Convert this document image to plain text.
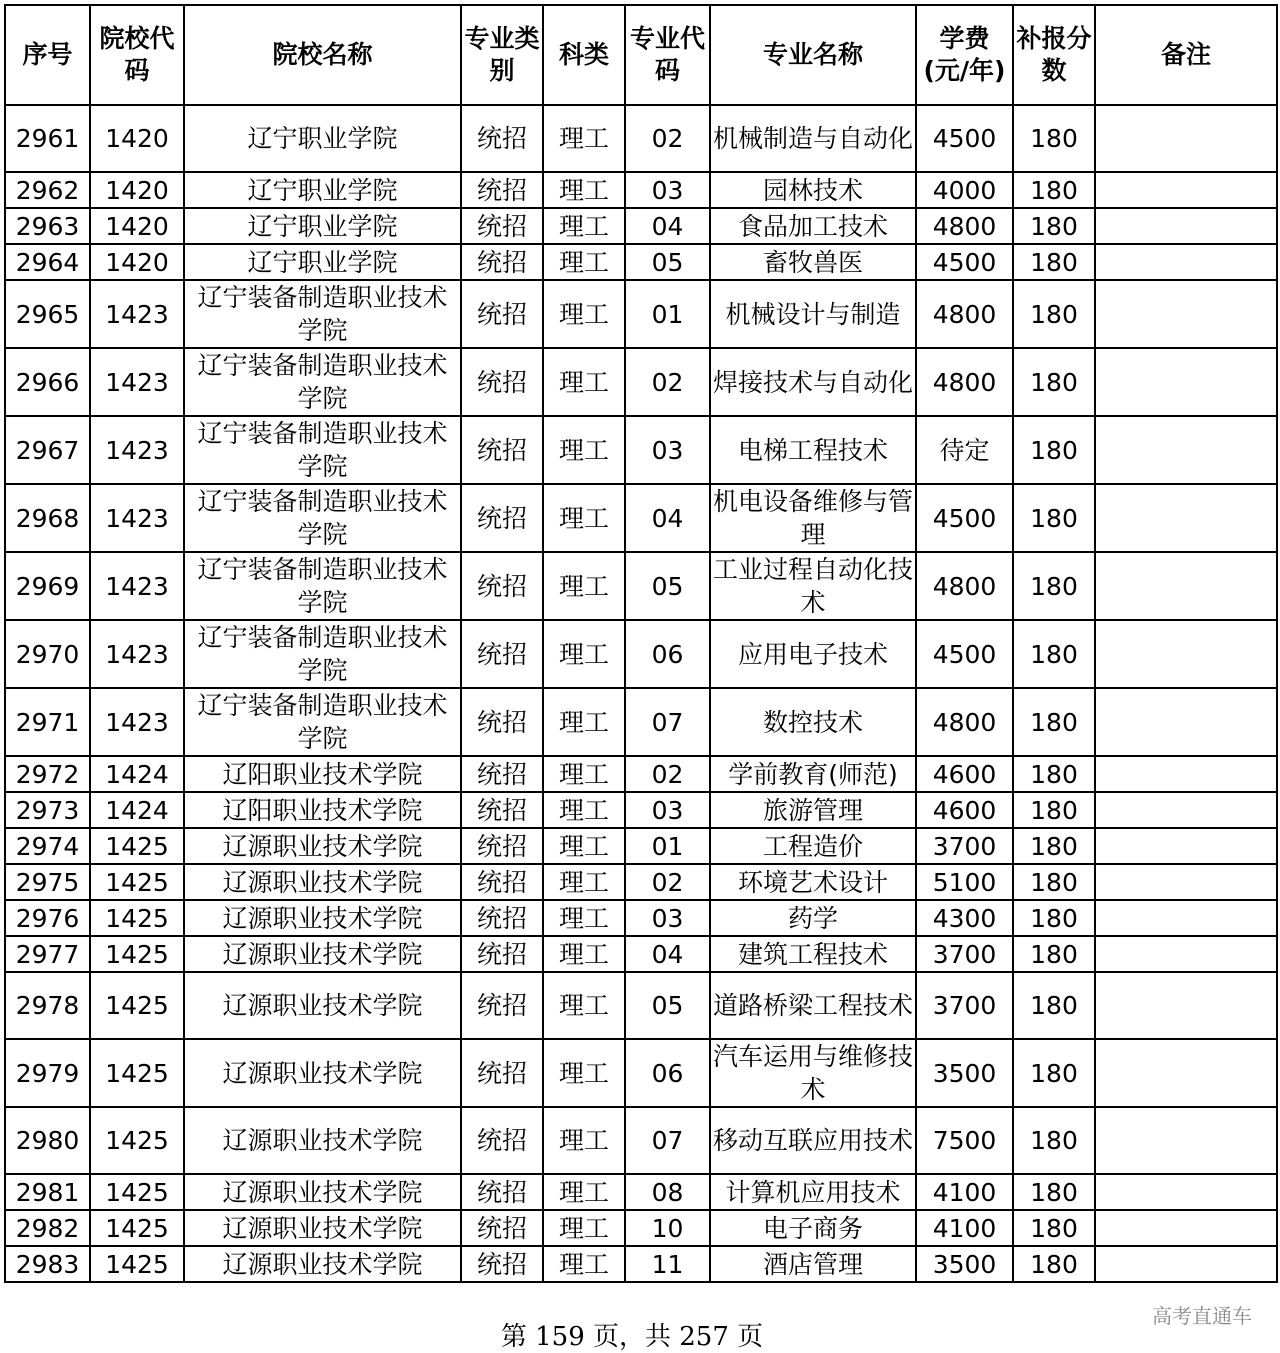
序号	院校代码	院校名称	专业类别	科类	专业代码	专业名称	学费(元/年)	补报分数	备注
2961	1420	辽宁职业学院	统招	理工	02	机械制造与自动化	4500	180	
2962	1420	辽宁职业学院	统招	理工	03	园林技术	4000	180	
2963	1420	辽宁职业学院	统招	理工	04	食品加工技术	4800	180	
2964	1420	辽宁职业学院	统招	理工	05	畜牧兽医	4500	180	
2965	1423	辽宁装备制造职业技术学院	统招	理工	01	机械设计与制造	4800	180	
2966	1423	辽宁装备制造职业技术学院	统招	理工	02	焊接技术与自动化	4800	180	
2967	1423	辽宁装备制造职业技术学院	统招	理工	03	电梯工程技术	待定	180	
2968	1423	辽宁装备制造职业技术学院	统招	理工	04	机电设备维修与管理	4500	180	
2969	1423	辽宁装备制造职业技术学院	统招	理工	05	工业过程自动化技术	4800	180	
2970	1423	辽宁装备制造职业技术学院	统招	理工	06	应用电子技术	4500	180	
2971	1423	辽宁装备制造职业技术学院	统招	理工	07	数控技术	4800	180	
2972	1424	辽阳职业技术学院	统招	理工	02	学前教育(师范)	4600	180	
2973	1424	辽阳职业技术学院	统招	理工	03	旅游管理	4600	180	
2974	1425	辽源职业技术学院	统招	理工	01	工程造价	3700	180	
2975	1425	辽源职业技术学院	统招	理工	02	环境艺术设计	5100	180	
2976	1425	辽源职业技术学院	统招	理工	03	药学	4300	180	
2977	1425	辽源职业技术学院	统招	理工	04	建筑工程技术	3700	180	
2978	1425	辽源职业技术学院	统招	理工	05	道路桥梁工程技术	3700	180	
2979	1425	辽源职业技术学院	统招	理工	06	汽车运用与维修技术	3500	180	
2980	1425	辽源职业技术学院	统招	理工	07	移动互联应用技术	7500	180	
2981	1425	辽源职业技术学院	统招	理工	08	计算机应用技术	4100	180	
2982	1425	辽源职业技术学院	统招	理工	10	电子商务	4100	180	
2983	1425	辽源职业技术学院	统招	理工	11	酒店管理	3500	180	
第 159 页，共 257 页
高考直通车
